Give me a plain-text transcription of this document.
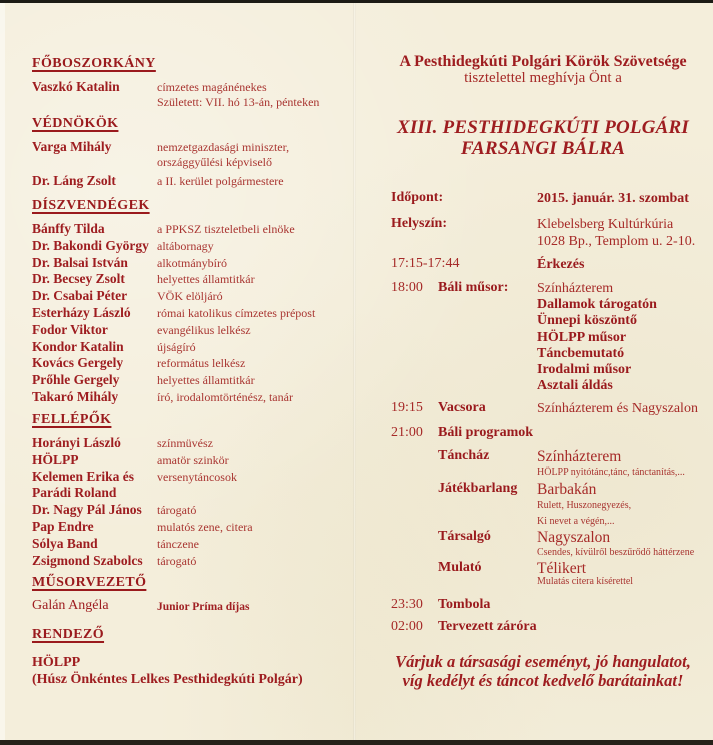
FŐBOSZORKÁNY
Vaszkó Katalin	címzetes magánénekes
Született: VII. hó 13-án, pénteken
VÉDNÖKÖK
Varga Mihály	nemzetgazdasági miniszter,
országgyűlési képviselő
Dr. Láng Zsolt	a II. kerület polgármestere
DÍSZVENDÉGEK
Bánffy Tilda	a PPKSZ tiszteletbeli elnöke
Dr. Bakondi György altábornagy
Dr. Balsai István	alkotmánybíró
Dr. Becsey Zsolt	helyettes államtitkár
Dr. Csabai Péter	VÖK elöljáró
Esterházy László	római katolikus címzetes prépost
Fodor Viktor	evangélikus lelkész
Kondor Katalin	újságíró
Kovács Gergely	református lelkész
Prőhle Gergely	helyettes államtitkár
Takaró Mihály	író, irodalomtörténész, tanár
FELLÉPŐK
Horányi László	színmüvész
HÖLPP	amatör szinkör
Kelemen Erika és	versenytáncosok
Parádi Roland
Dr. Nagy Pál János	tárogató
Pap Endre	mulatós zene, citera
Sólya Band	tánczene
Zsigmond Szabolcs	tárogató
MŰSORVEZETŐ
Galán Angéla	Junior Príma díjas
RENDEZŐ
HÖLPP
(Húsz Önkéntes Lelkes Pesthidegkúti Polgár)
A Pesthidegkúti Polgári Körök Szövetsége
tisztelettel meghívja Önt a
XIII. PESTHIDEGKÚTI POLGÁRI
FARSANGI BÁLRA
Időpont:	2015. január. 31. szombat
Helyszín:	Klebelsberg Kultúrkúria
1028 Bp., Templom u. 2-10.
17:15-17:44	Érkezés
18:00 Báli műsor: Színházterem
Dallamok tárogatón
Ünnepi köszöntő
HÖLPP műsor
Táncbemutató
Irodalmi műsor
Asztali áldás
19:15 Vacsora	Színházterem és Nagyszalon
21:00 Báli programok
Táncház	Színházterem
HÖLPP nyitótánc,tánc, tánctanítás,...
Játékbarlang Barbakán
Rulett, Huszonegyezés,
Ki nevet a végén,...
Társalgó	Nagyszalon
Csendes, kívülről beszűrődő háttérzene
Mulató	Télikert
Mulatás citera kísérettel
23:30 Tombola
02:00 Tervezett záróra
Várjuk a társasági eseményt, jó hangulatot,
víg kedélyt és táncot kedvelő barátainkat!
